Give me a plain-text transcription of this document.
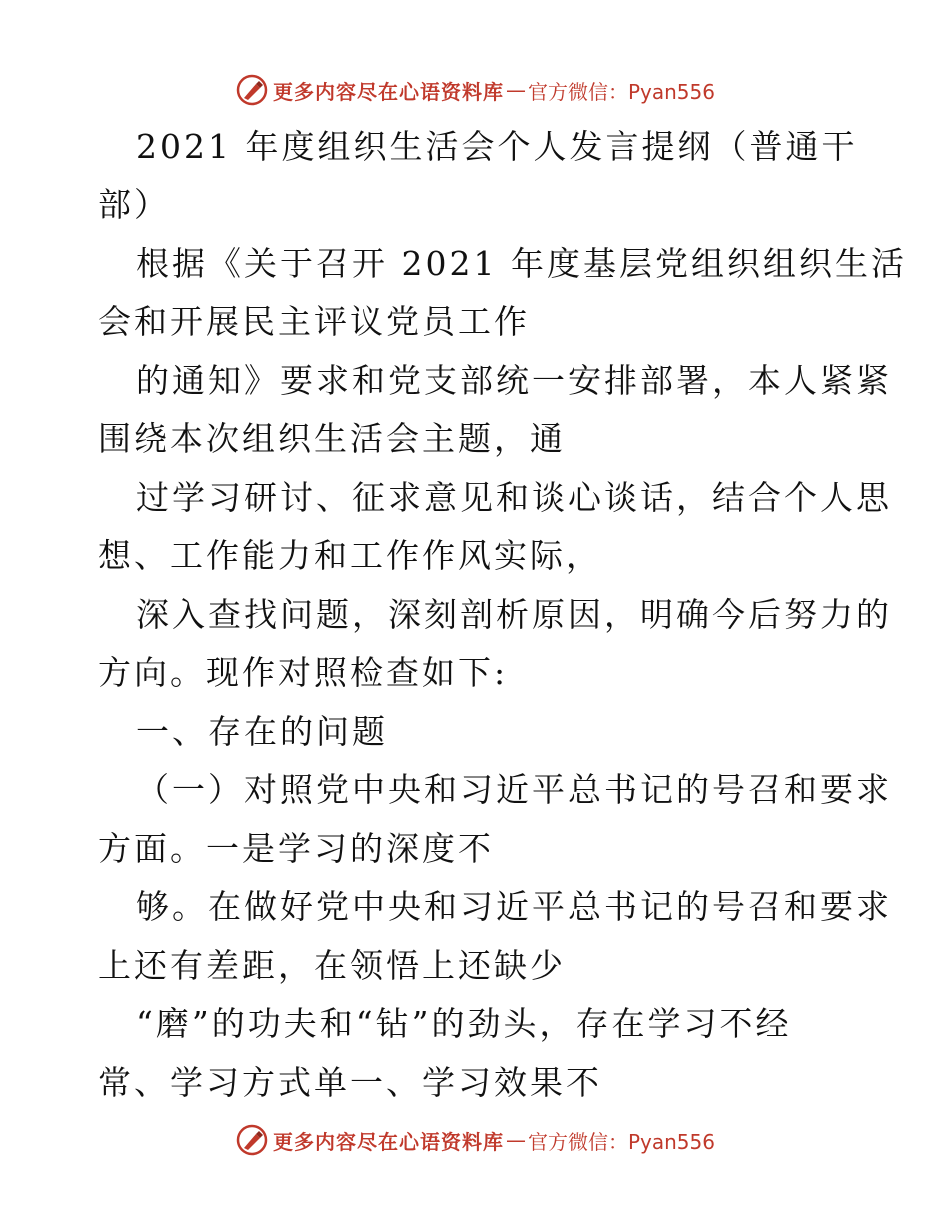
更多内容尽在心语资料库 — 官方微信：Pyan556
2021 年度组织生活会个人发言提纲（普通干
部）
根据《关于召开 2021 年度基层党组织组织生活
会和开展民主评议党员工作
的通知》要求和党支部统一安排部署，本人紧紧
围绕本次组织生活会主题，通
过学习研讨、征求意见和谈心谈话，结合个人思
想、工作能力和工作作风实际，
深入查找问题，深刻剖析原因，明确今后努力的
方向。现作对照检查如下:
一、存在的问题
（一）对照党中央和习近平总书记的号召和要求
方面。一是学习的深度不
够。在做好党中央和习近平总书记的号召和要求
上还有差距，在领悟上还缺少
“磨”的功夫和“钻”的劲头，存在学习不经
常、学习方式单一、学习效果不
更多内容尽在心语资料库 — 官方微信：Pyan556
